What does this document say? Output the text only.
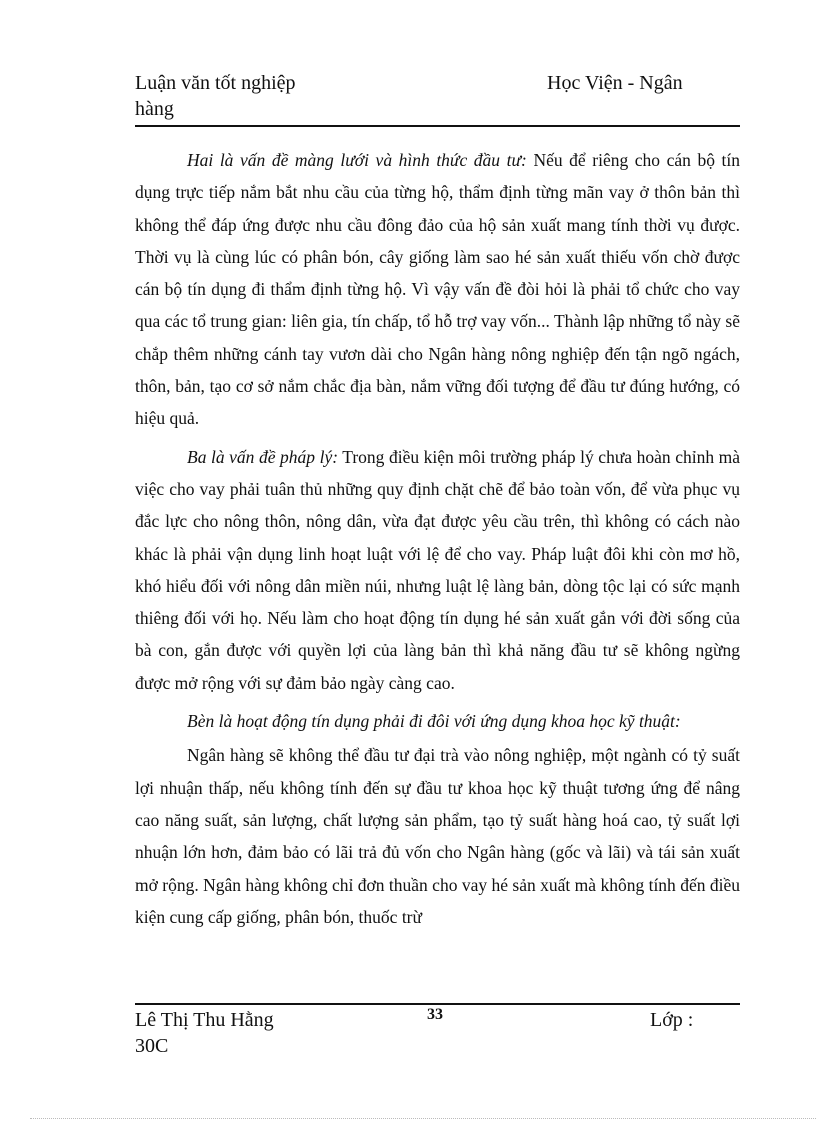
Luận văn tốt nghiệp	Học Viện - Ngân
hàng

Hai là vấn đề màng lưới và hình thức đầu tư: Nếu để riêng cho cán bộ tín dụng trực tiếp nắm bắt nhu cầu của từng hộ, thẩm định từng mãn vay ở thôn bản thì không thể đáp ứng được nhu cầu đông đảo của hộ sản xuất mang tính thời vụ được. Thời vụ là cùng lúc có phân bón, cây giống làm sao hé sản xuất thiếu vốn chờ được cán bộ tín dụng đi thẩm định từng hộ. Vì vậy vấn đề đòi hỏi là phải tổ chức cho vay qua các tổ trung gian: liên gia, tín chấp, tổ hỗ trợ vay vốn... Thành lập những tổ này sẽ chắp thêm những cánh tay vươn dài cho Ngân hàng nông nghiệp đến tận ngõ ngách, thôn, bản, tạo cơ sở nắm chắc địa bàn, nắm vững đối tượng để đầu tư đúng hướng, có hiệu quả.

Ba là vấn đề pháp lý: Trong điều kiện môi trường pháp lý chưa hoàn chỉnh mà việc cho vay phải tuân thủ những quy định chặt chẽ để bảo toàn vốn, để vừa phục vụ đắc lực cho nông thôn, nông dân, vừa đạt được yêu cầu trên, thì không có cách nào khác là phải vận dụng linh hoạt luật với lệ để cho vay. Pháp luật đôi khi còn mơ hồ, khó hiểu đối với nông dân miền núi, nhưng luật lệ làng bản, dòng tộc lại có sức mạnh thiêng đối với họ. Nếu làm cho hoạt động tín dụng hé sản xuất gắn với đời sống của bà con, gắn được với quyền lợi của làng bản thì khả năng đầu tư sẽ không ngừng được mở rộng với sự đảm bảo ngày càng cao.

Bèn là hoạt động tín dụng phải đi đôi với ứng dụng khoa học kỹ thuật:

Ngân hàng sẽ không thể đầu tư đại trà vào nông nghiệp, một ngành có tỷ suất lợi nhuận thấp, nếu không tính đến sự đầu tư khoa học kỹ thuật tương ứng để nâng cao năng suất, sản lượng, chất lượng sản phẩm, tạo tỷ suất hàng hoá cao, tỷ suất lợi nhuận lớn hơn, đảm bảo có lãi trả đủ vốn cho Ngân hàng (gốc và lãi) và tái sản xuất mở rộng. Ngân hàng không chỉ đơn thuần cho vay hé sản xuất mà không tính đến điều kiện cung cấp giống, phân bón, thuốc trừ

Lê Thị Thu Hằng	33	Lớp :
30C
